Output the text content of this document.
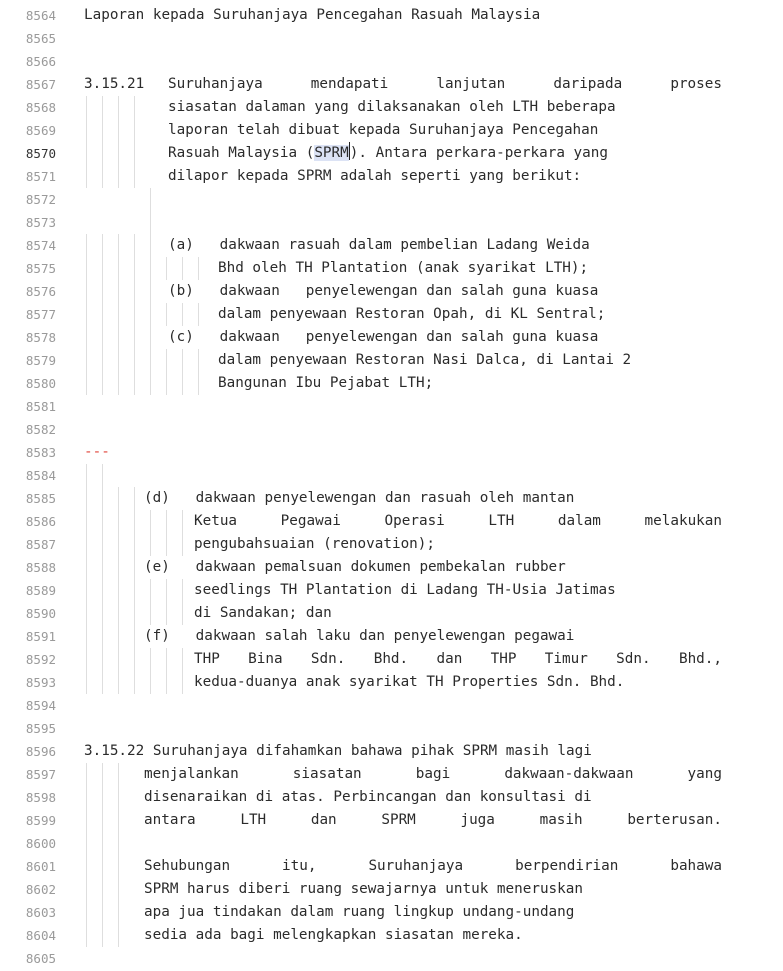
8564 Laporan kepada Suruhanjaya Pencegahan Rasuah Malaysia
8565
8566
8567 3.15.21 Suruhanjaya mendapati lanjutan daripada proses
8568	siasatan dalaman yang dilaksanakan oleh LTH beberapa
8569	laporan telah dibuat kepada Suruhanjaya Pencegahan
8570	Rasuah Malaysia (SPRM). Antara perkara-perkara yang
8571	dilapor kepada SPRM adalah seperti yang berikut:
8572
8573
8574	(a)   dakwaan rasuah dalam pembelian Ladang Weida
8575	Bhd oleh TH Plantation (anak syarikat LTH);
8576	(b)   dakwaan   penyelewengan dan salah guna kuasa
8577	dalam penyewaan Restoran Opah, di KL Sentral;
8578	(c)   dakwaan   penyelewengan dan salah guna kuasa
8579	dalam penyewaan Restoran Nasi Dalca, di Lantai 2
8580	Bangunan Ibu Pejabat LTH;
8581
8582
8583 ---
8584
8585	(d)   dakwaan penyelewengan dan rasuah oleh mantan
8586	Ketua Pegawai Operasi LTH dalam melakukan
8587	pengubahsuaian (renovation);
8588	(e)   dakwaan pemalsuan dokumen pembekalan rubber
8589	seedlings TH Plantation di Ladang TH-Usia Jatimas
8590	di Sandakan; dan
8591	(f)   dakwaan salah laku dan penyelewengan pegawai
8592	THP Bina Sdn. Bhd. dan THP Timur Sdn. Bhd.,
8593	kedua-duanya anak syarikat TH Properties Sdn. Bhd.
8594
8595
8596 3.15.22 Suruhanjaya difahamkan bahawa pihak SPRM masih lagi
8597	menjalankan siasatan bagi dakwaan-dakwaan yang
8598	disenaraikan di atas. Perbincangan dan konsultasi di
8599	antara LTH dan SPRM juga masih berterusan.
8600
8601	Sehubungan itu, Suruhanjaya berpendirian bahawa
8602	SPRM harus diberi ruang sewajarnya untuk meneruskan
8603	apa jua tindakan dalam ruang lingkup undang-undang
8604	sedia ada bagi melengkapkan siasatan mereka.
8605
